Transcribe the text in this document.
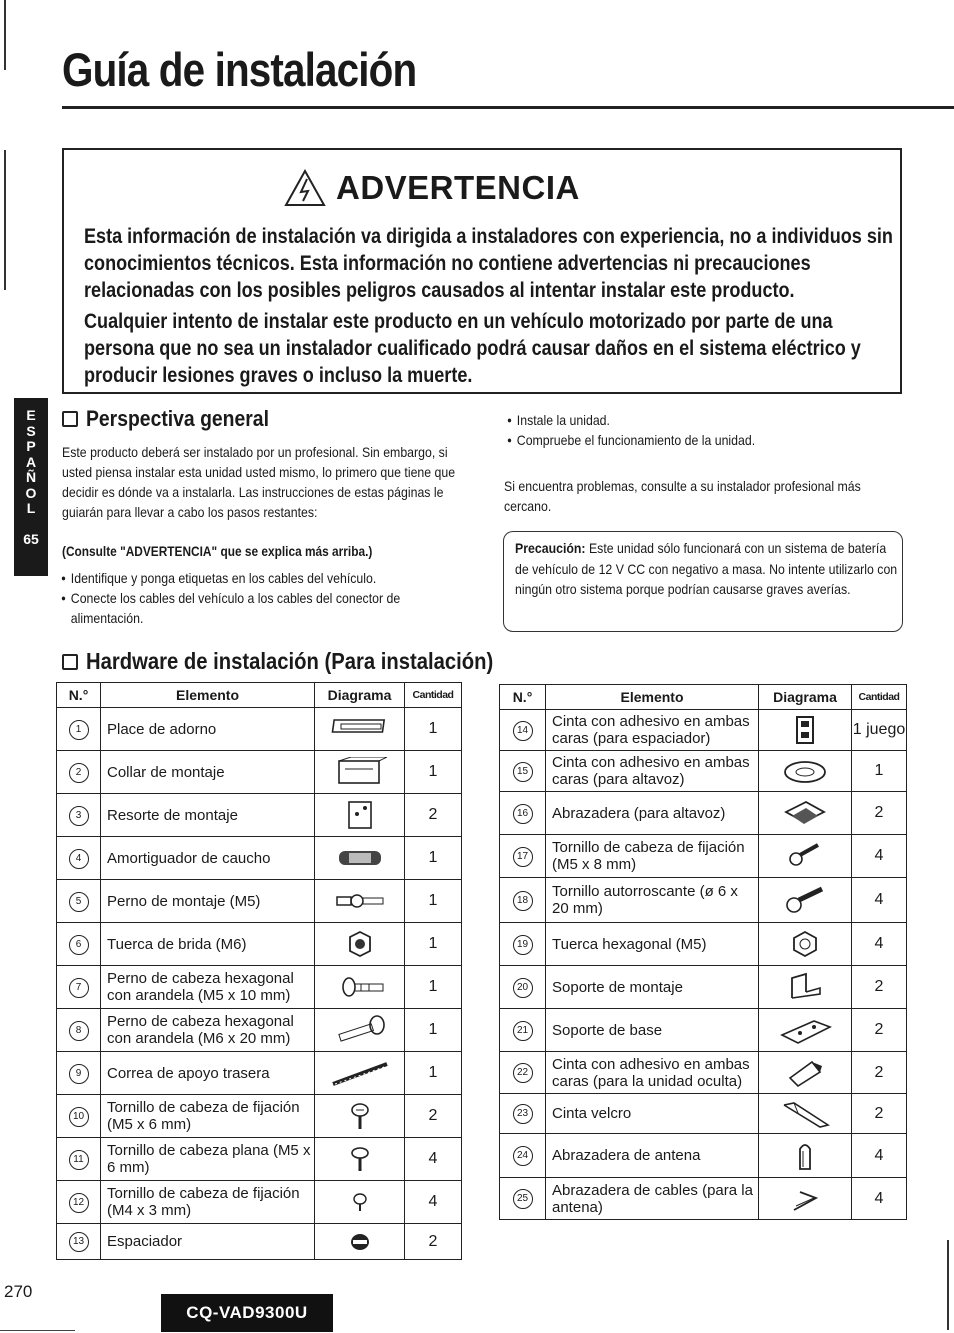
Guía de instalación
ADVERTENCIA

Esta información de instalación va dirigida a instaladores con experiencia, no a individuos sin conocimientos técnicos. Esta información no contiene advertencias ni precauciones relacionadas con los posibles peligros causados al intentar instalar este producto.

Cualquier intento de instalar este producto en un vehículo motorizado por parte de una persona que no sea un instalador cualificado podrá causar daños en el sistema eléctrico y producir lesiones graves o incluso la muerte.

E
S
P
A
Ñ
O
L
65
Perspectiva general
Este producto deberá ser instalado por un profesional. Sin embargo, si usted piensa instalar esta unidad usted mismo, lo primero que tiene que decidir es dónde va a instalarla. Las instrucciones de estas páginas le guiarán para llevar a cabo los pasos restantes:
(Consulte "ADVERTENCIA" que se explica más arriba.)
● Identifique y ponga etiquetas en los cables del vehículo.
● Conecte los cables del vehículo a los cables del conector de alimentación.
● Instale la unidad.
● Compruebe el funcionamiento de la unidad.
Si encuentra problemas, consulte a su instalador profesional más cercano.
Precaución: Este unidad sólo funcionará con un sistema de batería de vehículo de 12 V CC con negativo a masa. No intente utilizarlo con ningún otro sistema porque podrían causarse graves averías.
Hardware de instalación (Para instalación)
N.°	Elemento	Diagrama	Cantidad
1	Place de adorno		1
2	Collar de montaje		1
3	Resorte de montaje		2
4	Amortiguador de caucho		1
5	Perno de montaje (M5)		1
6	Tuerca de brida (M6)		1
7	Perno de cabeza hexagonal con arandela (M5 x 10 mm)		1
8	Perno de cabeza hexagonal con arandela (M6 x 20 mm)		1
9	Correa de apoyo trasera		1
10	Tornillo de cabeza de fijación (M5 x 6 mm)		2
11	Tornillo de cabeza plana (M5 x 6 mm)		4
12	Tornillo de cabeza de fijación (M4 x 3 mm)		4
13	Espaciador		2
N.°	Elemento	Diagrama	Cantidad
14	Cinta con adhesivo en ambas caras (para espaciador)		1 juego
15	Cinta con adhesivo en ambas caras (para altavoz)		1
16	Abrazadera (para altavoz)		2
17	Tornillo de cabeza de fijación (M5 x 8 mm)		4
18	Tornillo autorroscante (ø 6 x 20 mm)		4
19	Tuerca hexagonal (M5)		4
20	Soporte de montaje		2
21	Soporte de base		2
22	Cinta con adhesivo en ambas caras (para la unidad oculta)		2
23	Cinta velcro		2
24	Abrazadera de antena		4
25	Abrazadera de cables (para la antena)		4
270
CQ-VAD9300U
